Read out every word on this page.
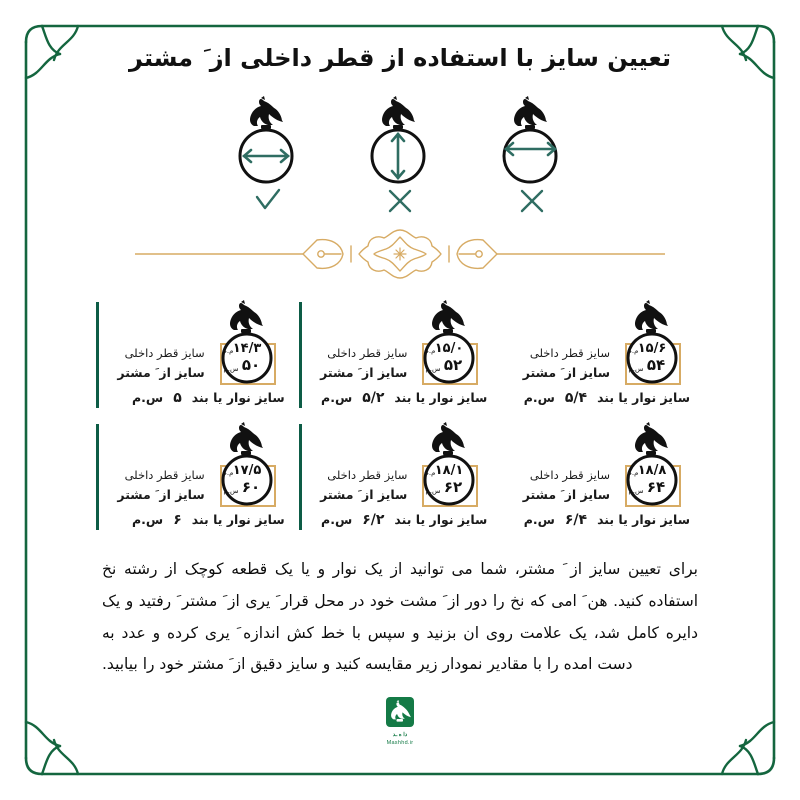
تعیین سایز با استفاده از قطر داخلی از َ مشتر
۱۵/۶
م.م
۵۴
س.م
سایز قطر داخلی
سایز از َ مشتر
سایز نوار یا بند
۵/۴
س.م
۱۵/۰
م.م
۵۲
س.م
سایز قطر داخلی
سایز از َ مشتر
سایز نوار یا بند
۵/۲
س.م
۱۴/۳
م.م
۵۰
س.م
سایز قطر داخلی
سایز از َ مشتر
سایز نوار یا بند
۵
س.م
۱۸/۸
م.م
۶۴
س.م
سایز قطر داخلی
سایز از َ مشتر
سایز نوار یا بند
۶/۴
س.م
۱۸/۱
م.م
۶۲
س.م
سایز قطر داخلی
سایز از َ مشتر
سایز نوار یا بند
۶/۲
س.م
۱۷/۵
م.م
۶۰
س.م
سایز قطر داخلی
سایز از َ مشتر
سایز نوار یا بند
۶
س.م

برای تعیین سایز از َ مشتر، شما می توانید از یک نوار و یا یک قطعه کوچک از رشته نخ استفاده کنید. هن َ امی که نخ را دور از َ مشت خود در محل قرار َ یری از َ مشتر َ رفتید و یک دایره کامل شد، یک علامت روی ان بزنید و سپس با خط کش اندازه َ یری کرده و عدد به دست امده را با مقادیر نمودار زیر مقایسه کنید و سایز دقیق از َ مشتر خود را بیابید.

دا ه ـد
Mashhd.ir
